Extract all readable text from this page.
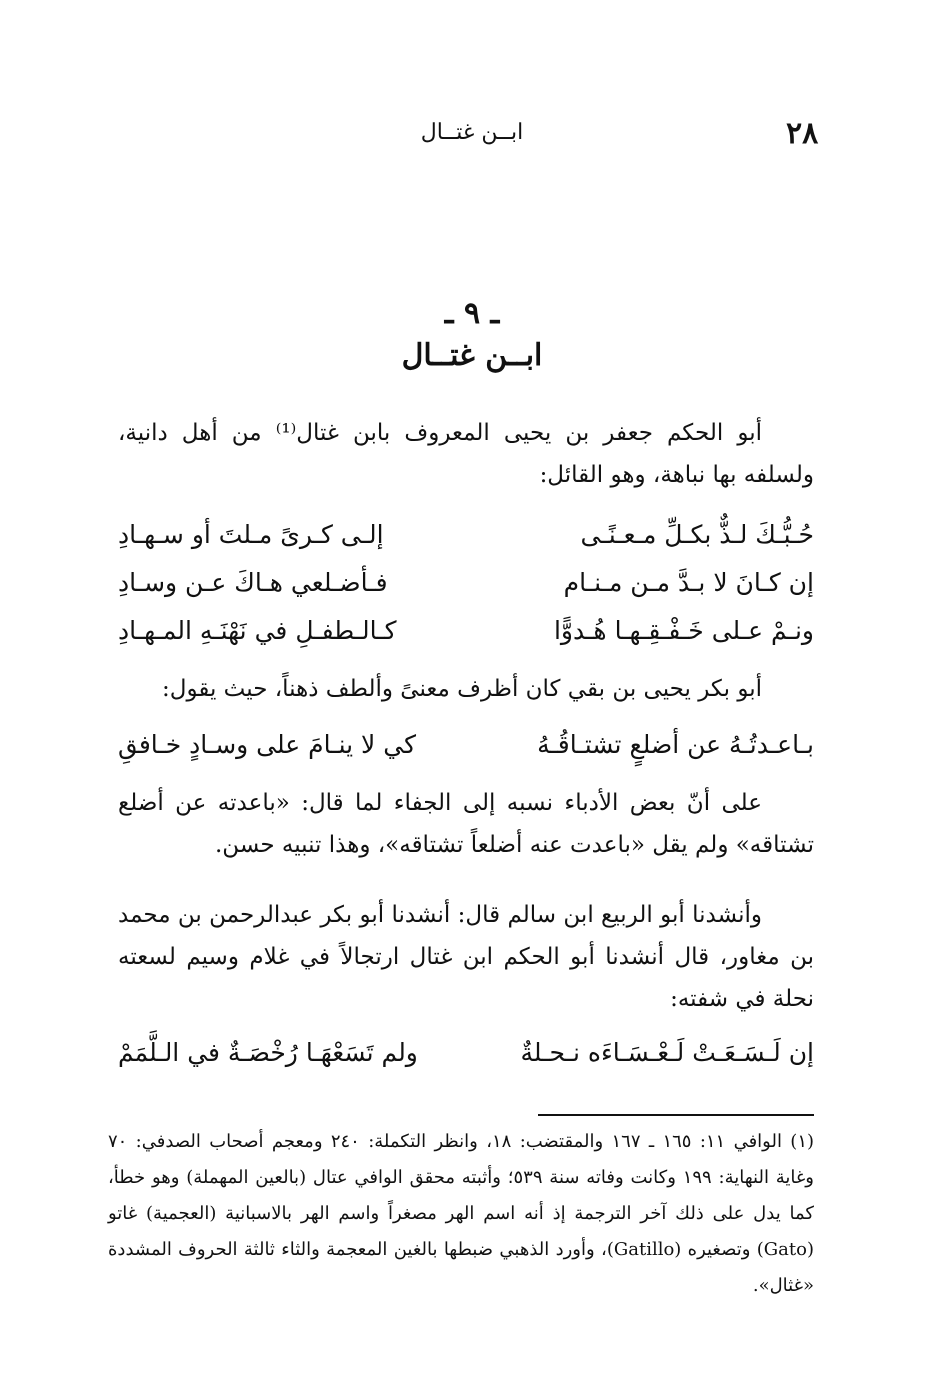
٢٨
ابــن غتــال
ـ ٩ ـ
ابــن غتــال

أبو الحكم جعفر بن يحيى المعروف بابن غتال⁽¹⁾ من أهل دانية، ولسلفه بها نباهة، وهو القائل:

حُـبُّـكَ لـذٌّ بكـلِّ مـعـنًـى
إلـى كـرىً مـلتَ أو سـهـادِ
إن كـانَ لا بـدَّ مـن مـنـام
فـأضـلعي هـاكَ عـن وسـادِ
ونـمْ عـلى خَـفْـقِـهـا هُـدوًّا
كـالـطفـلِ في نَهْنَـهِ المـهـادِ

أبو بكر يحيى بن بقي كان أظرف معنىً وألطف ذهناً، حيث يقول:

بـاعـدتُـهُ عن أضلعٍ تشتـاقُـهُ
كي لا ينـامَ على وسـادٍ خـافقِ

على أنّ بعض الأدباء نسبه إلى الجفاء لما قال: «باعدته عن أضلع تشتاقه» ولم يقل «باعدت عنه أضلعاً تشتاقه»، وهذا تنبيه حسن.

وأنشدنا أبو الربيع ابن سالم قال: أنشدنا أبو بكر عبدالرحمن بن محمد بن مغاور، قال أنشدنا أبو الحكم ابن غتال ارتجالاً في غلام وسيم لسعته نحلة في شفته:

إن لَـسَـعَـتْ لَـعْـسَـاءَه نـحـلةٌ
ولم تَسَعْهَـا رُخْصَـةٌ في الـلَّمَمْ

(١) الوافي ١١: ١٦٥ ـ ١٦٧ والمقتضب: ١٨، وانظر التكملة: ٢٤٠ ومعجم أصحاب الصدفي: ٧٠ وغاية النهاية: ١٩٩ وكانت وفاته سنة ٥٣٩؛ وأثبته محقق الوافي عتال (بالعين المهملة) وهو خطأ، كما يدل على ذلك آخر الترجمة إذ أنه اسم الهر مصغراً واسم الهر بالاسبانية (العجمية) غاتو (Gato) وتصغيره (Gatillo)، وأورد الذهبي ضبطها بالغين المعجمة والثاء ثالثة الحروف المشددة «غثال».
